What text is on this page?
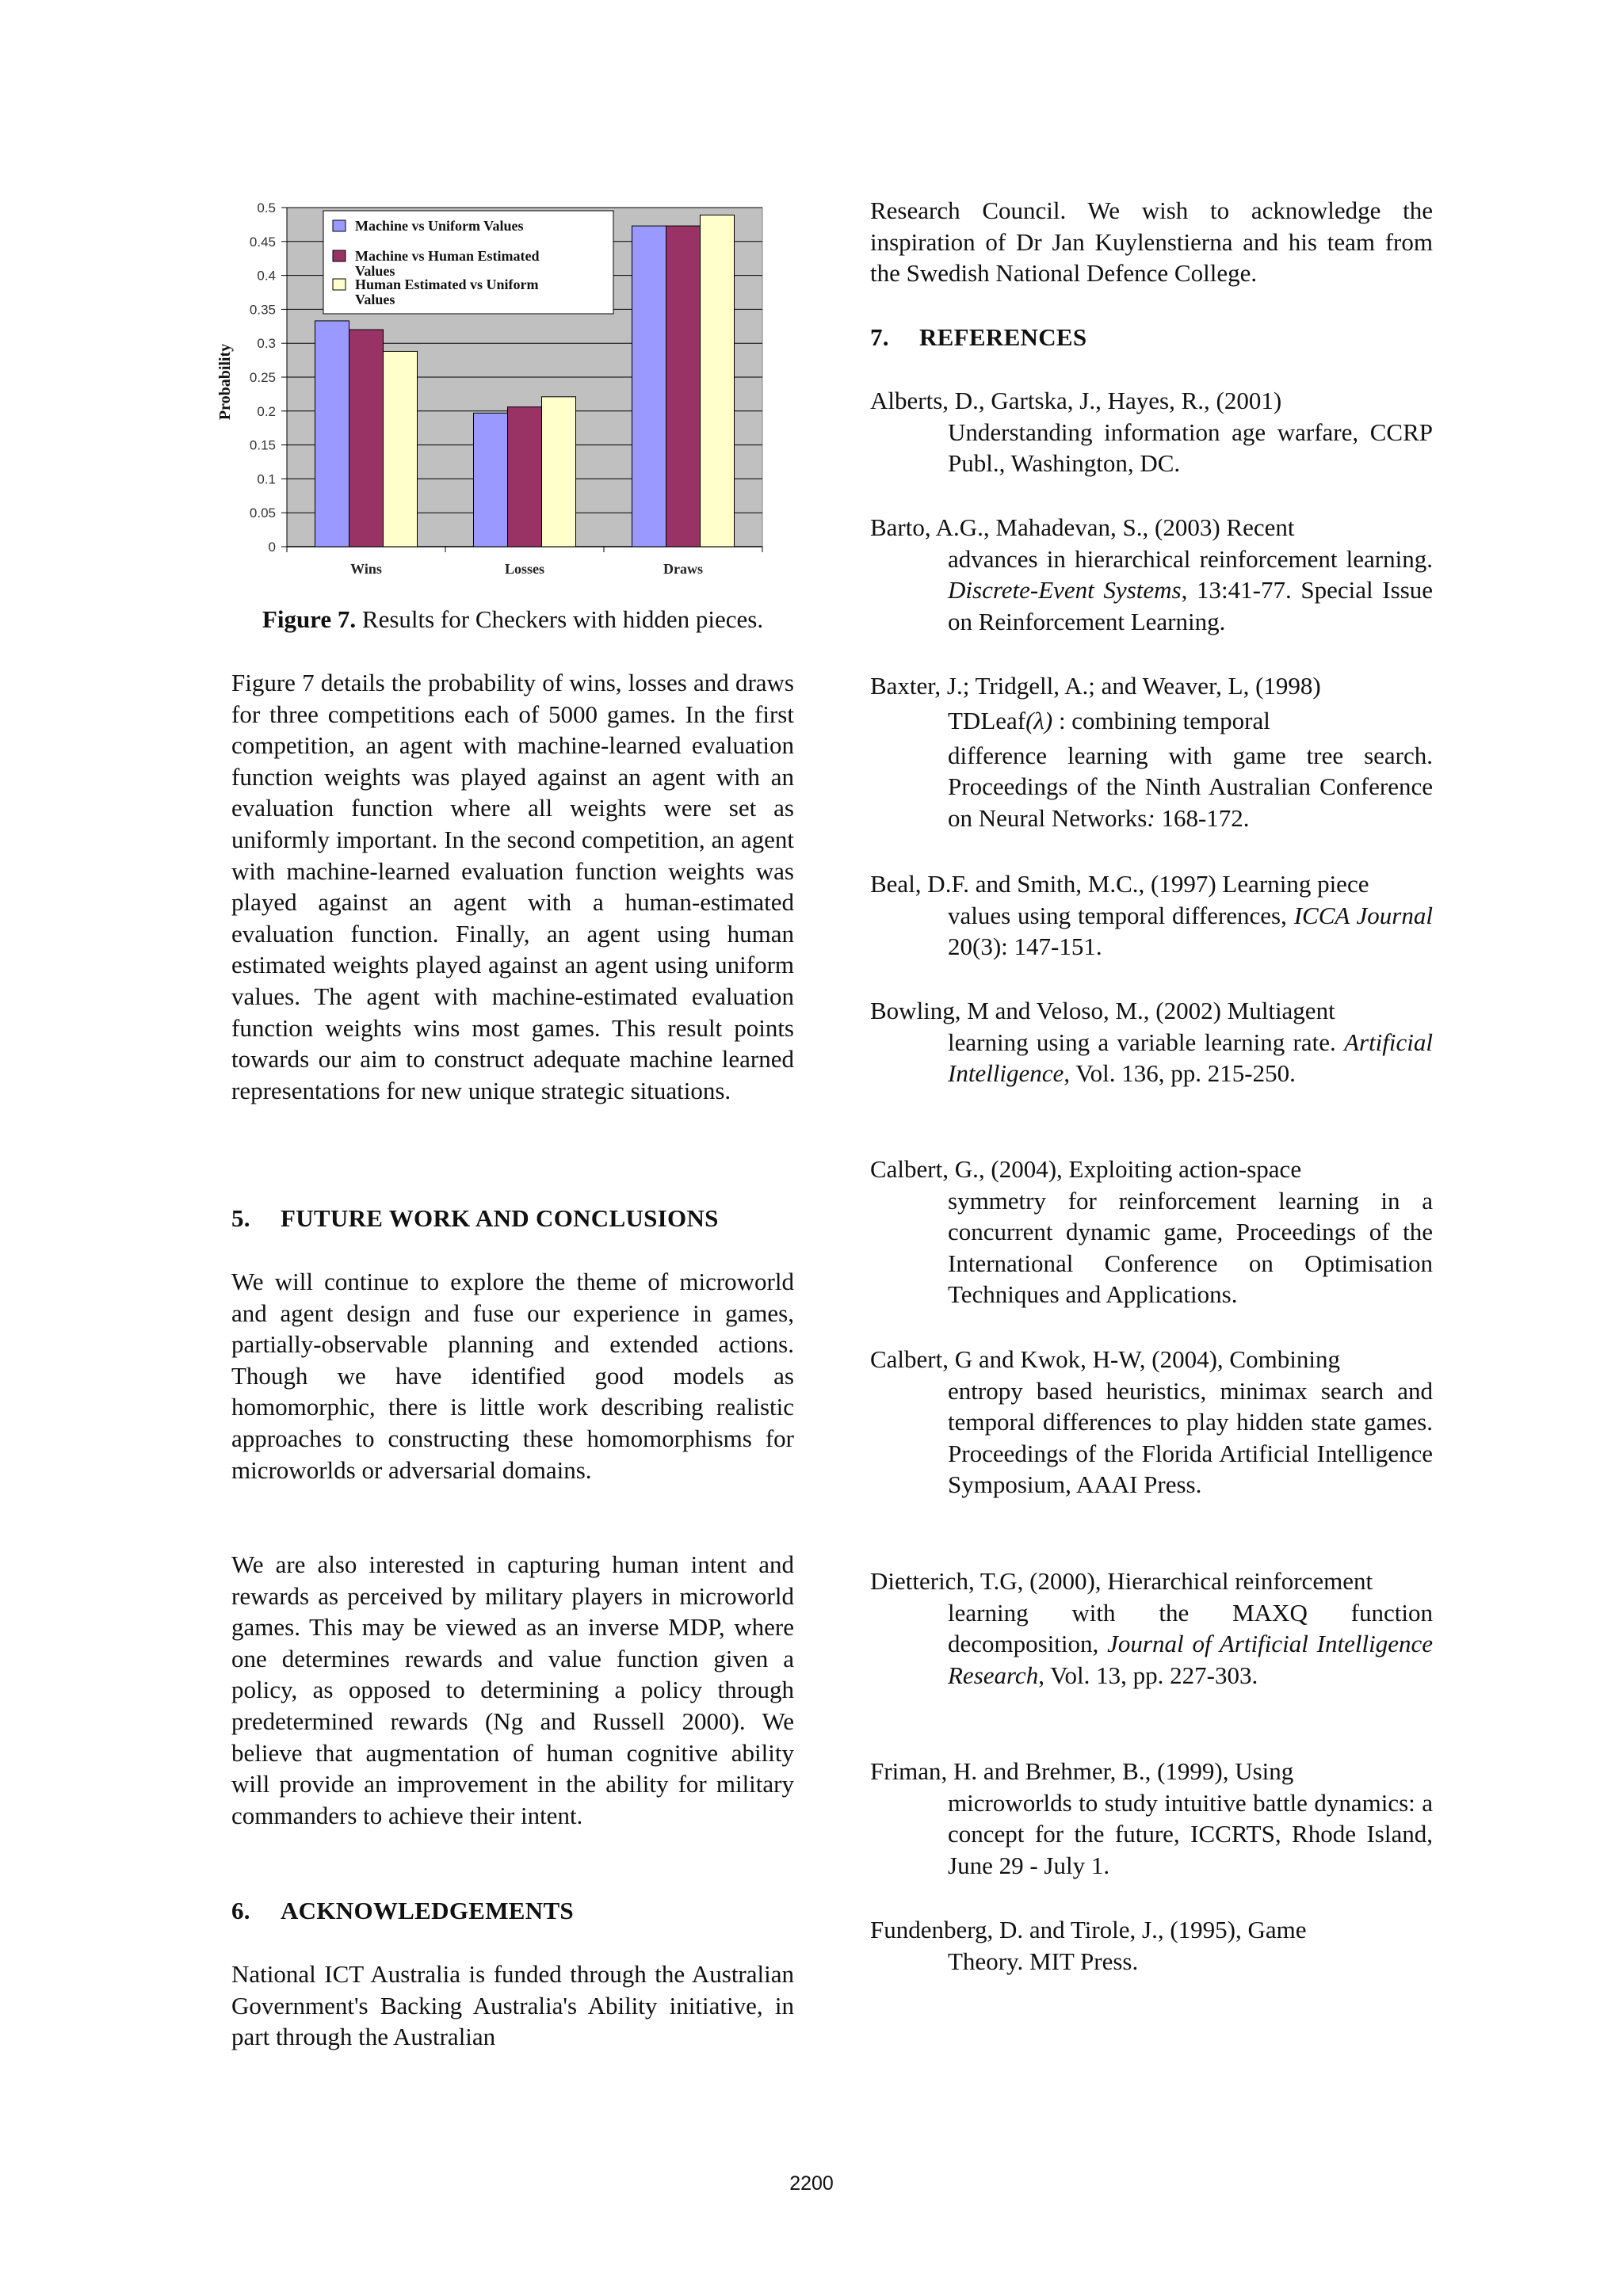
0
0.05
0.1
0.15
0.2
0.25
0.3
0.35
0.4
0.45
0.5
Probability
Wins	Losses	Draws
Machine vs Uniform Values
Machine vs Human Estimated Values
Human Estimated vs Uniform Values
Figure 7. Results for Checkers with hidden pieces.

Figure 7 details the probability of wins, losses and draws for three competitions each of 5000 games. In the first competition, an agent with machine-learned evaluation function weights was played against an agent with an evaluation function where all weights were set as uniformly important. In the second competition, an agent with machine-learned evaluation function weights was played against an agent with a human-estimated evaluation function. Finally, an agent using human estimated weights played against an agent using uniform values. The agent with machine-estimated evaluation function weights wins most games. This result points towards our aim to construct adequate machine learned representations for new unique strategic situations.

5. FUTURE WORK AND CONCLUSIONS

We will continue to explore the theme of microworld and agent design and fuse our experience in games, partially-observable planning and extended actions. Though we have identified good models as homomorphic, there is little work describing realistic approaches to constructing these homomorphisms for microworlds or adversarial domains.

We are also interested in capturing human intent and rewards as perceived by military players in microworld games. This may be viewed as an inverse MDP, where one determines rewards and value function given a policy, as opposed to determining a policy through predetermined rewards (Ng and Russell 2000). We believe that augmentation of human cognitive ability will provide an improvement in the ability for military commanders to achieve their intent.

6. ACKNOWLEDGEMENTS

National ICT Australia is funded through the Australian Government's Backing Australia's Ability initiative, in part through the Australian

Research Council. We wish to acknowledge the inspiration of Dr Jan Kuylenstierna and his team from the Swedish National Defence College.

7. REFERENCES
Alberts, D., Gartska, J., Hayes, R., (2001)
Understanding information age warfare, CCRP Publ., Washington, DC.
Barto, A.G., Mahadevan, S., (2003) Recent
advances in hierarchical reinforcement learning. Discrete-Event Systems, 13:41-77. Special Issue on Reinforcement Learning.
Baxter, J.; Tridgell, A.; and Weaver, L, (1998)
TDLeaf(λ) : combining temporal
difference learning with game tree search. Proceedings of the Ninth Australian Conference on Neural Networks: 168-172.
Beal, D.F. and Smith, M.C., (1997) Learning piece
values using temporal differences, ICCA Journal 20(3): 147-151.
Bowling, M and Veloso, M., (2002) Multiagent
learning using a variable learning rate. Artificial Intelligence, Vol. 136, pp. 215-250.
Calbert, G., (2004), Exploiting action-space
symmetry for reinforcement learning in a concurrent dynamic game, Proceedings of the International Conference on Optimisation Techniques and Applications.
Calbert, G and Kwok, H-W, (2004), Combining
entropy based heuristics, minimax search and temporal differences to play hidden state games. Proceedings of the Florida Artificial Intelligence Symposium, AAAI Press.
Dietterich, T.G, (2000), Hierarchical reinforcement
learning with the MAXQ function decomposition, Journal of Artificial Intelligence Research, Vol. 13, pp. 227-303.
Friman, H. and Brehmer, B., (1999), Using
microworlds to study intuitive battle dynamics: a concept for the future, ICCRTS, Rhode Island, June 29 - July 1.
Fundenberg, D. and Tirole, J., (1995), Game
Theory. MIT Press.
2200
